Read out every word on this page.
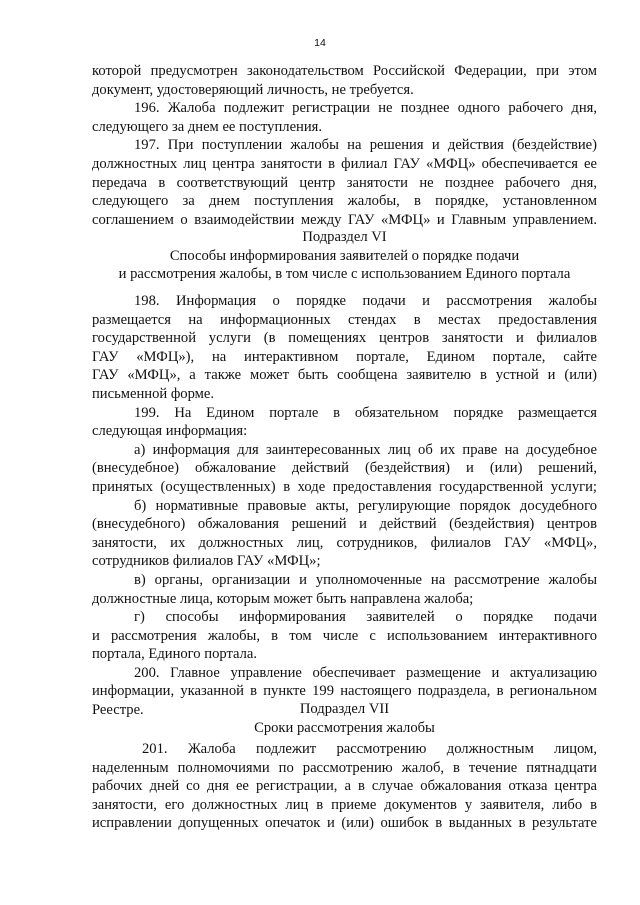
14
которой предусмотрен законодательством Российской Федерации, при этом
документ, удостоверяющий личность, не требуется.
196. Жалоба подлежит регистрации не позднее одного рабочего дня,
следующего за днем ее поступления.
197. При поступлении жалобы на решения и действия (бездействие)
должностных лиц центра занятости в филиал ГАУ «МФЦ» обеспечивается ее
передача в соответствующий центр занятости не позднее рабочего дня,
следующего за днем поступления жалобы, в порядке, установленном
соглашением о взаимодействии между ГАУ «МФЦ» и Главным управлением.
Подраздел VI
Способы информирования заявителей о порядке подачи
и рассмотрения жалобы, в том числе с использованием Единого портала
198. Информация о порядке подачи и рассмотрения жалобы
размещается на информационных стендах в местах предоставления
государственной услуги (в помещениях центров занятости и филиалов
ГАУ «МФЦ»), на интерактивном портале, Едином портале, сайте
ГАУ «МФЦ», а также может быть сообщена заявителю в устной и (или)
письменной форме.
199. На Едином портале в обязательном порядке размещается
следующая информация:
а) информация для заинтересованных лиц об их праве на досудебное
(внесудебное) обжалование действий (бездействия) и (или) решений,
принятых (осуществленных) в ходе предоставления государственной услуги;
б) нормативные правовые акты, регулирующие порядок досудебного
(внесудебного) обжалования решений и действий (бездействия) центров
занятости, их должностных лиц, сотрудников, филиалов ГАУ «МФЦ»,
сотрудников филиалов ГАУ «МФЦ»;
в) органы, организации и уполномоченные на рассмотрение жалобы
должностные лица, которым может быть направлена жалоба;
г) способы информирования заявителей о порядке подачи
и рассмотрения жалобы, в том числе с использованием интерактивного
портала, Единого портала.
200. Главное управление обеспечивает размещение и актуализацию
информации, указанной в пункте 199 настоящего подраздела, в региональном
Реестре.	Подраздел VII
Сроки рассмотрения жалобы
201. Жалоба подлежит рассмотрению должностным лицом,
наделенным полномочиями по рассмотрению жалоб, в течение пятнадцати
рабочих дней со дня ее регистрации, а в случае обжалования отказа центра
занятости, его должностных лиц в приеме документов у заявителя, либо в
исправлении допущенных опечаток и (или) ошибок в выданных в результате
